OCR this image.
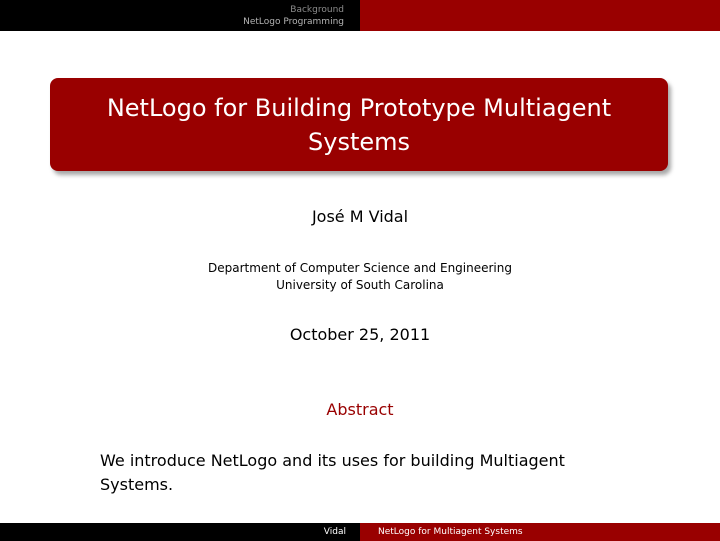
Background
NetLogo Programming
NetLogo for Building Prototype Multiagent Systems
José M Vidal
Department of Computer Science and Engineering
University of South Carolina
October 25, 2011
Abstract
We introduce NetLogo and its uses for building Multiagent Systems.
Vidal	NetLogo for Multiagent Systems
